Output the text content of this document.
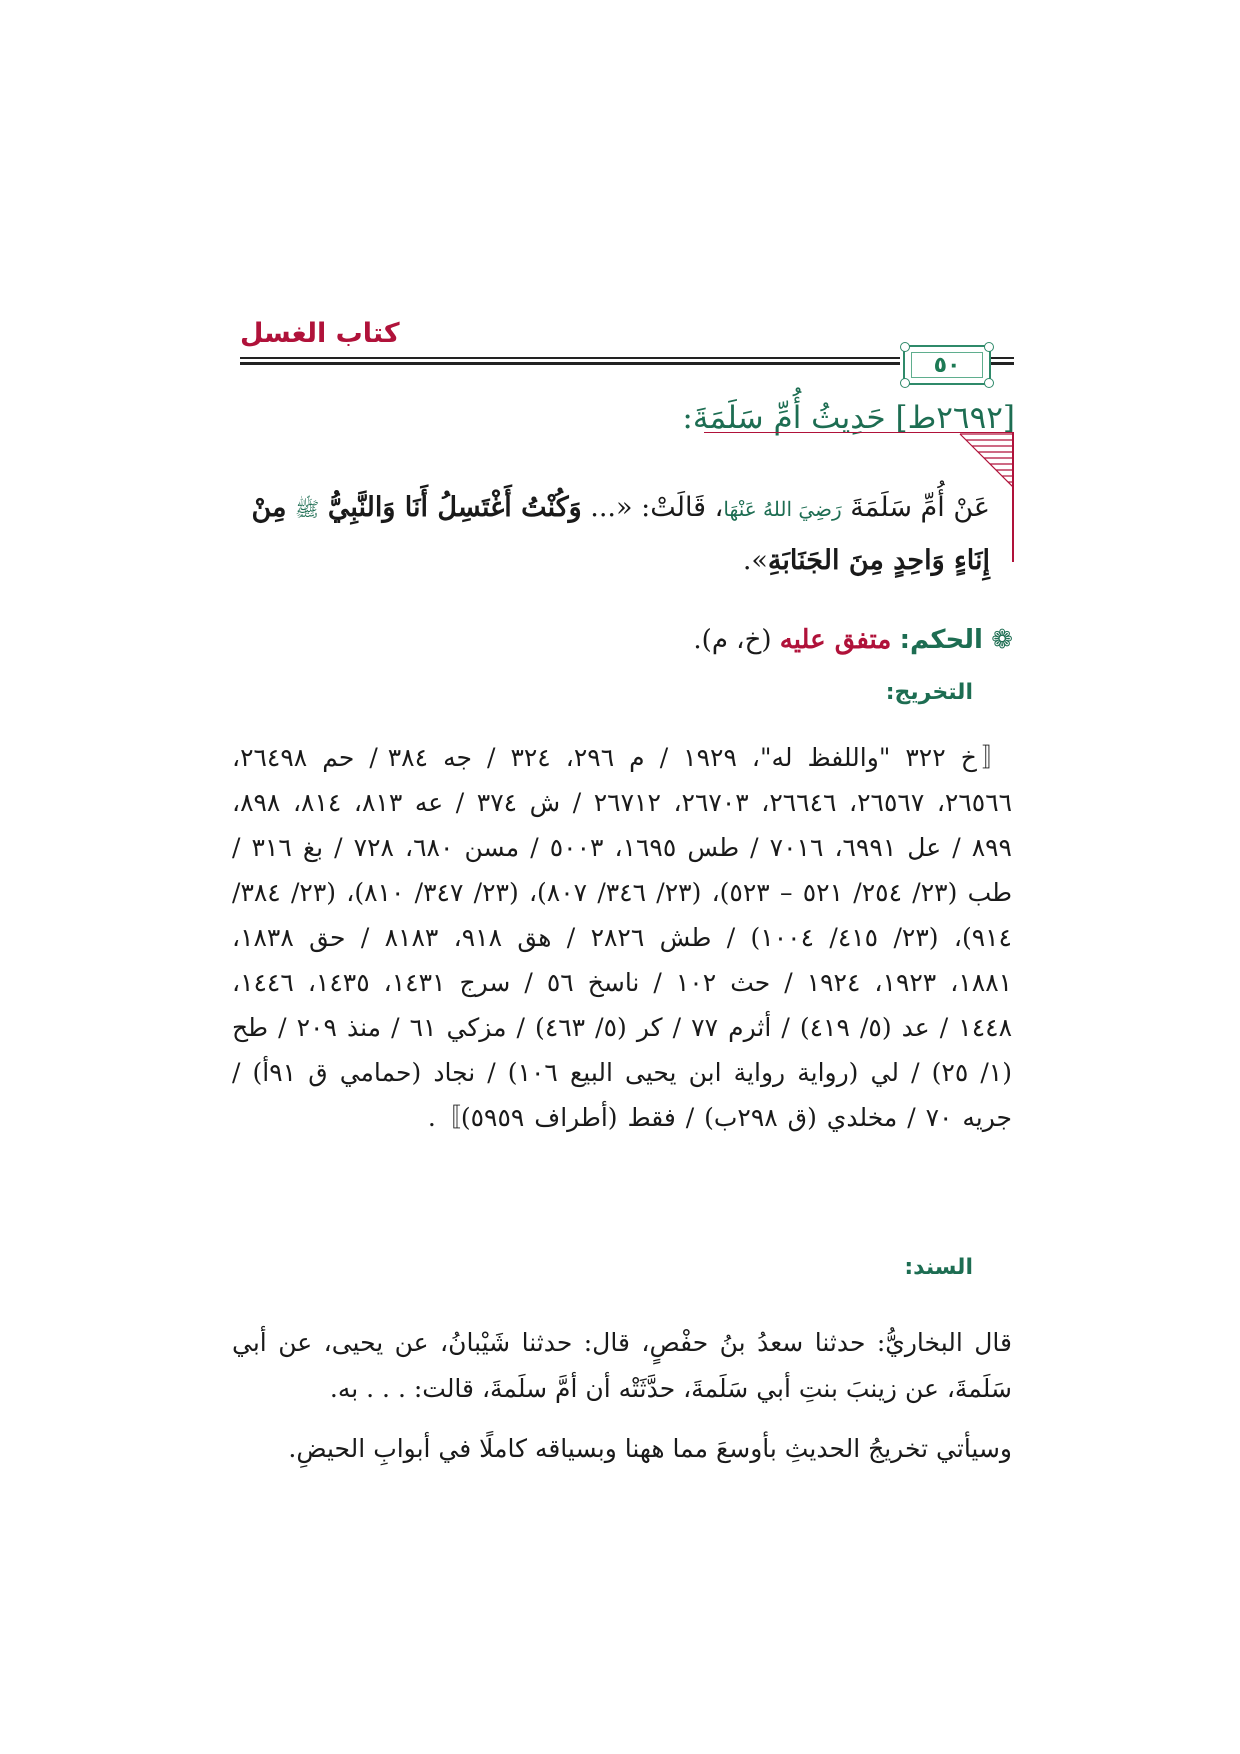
كتاب الغسل
٥٠
[٢٦٩٢ط] حَدِيثُ أُمِّ سَلَمَةَ:
عَنْ أُمِّ سَلَمَةَ رَضِيَ اللهُ عَنْهَا، قَالَتْ: «... وَكُنْتُ أَغْتَسِلُ أَنَا وَالنَّبِيُّ ﷺ مِنْ إِنَاءٍ وَاحِدٍ مِنَ الجَنَابَةِ».
❁ الحكم: متفق عليه (خ، م).
التخريج:
〚خ ٣٢٢ "واللفظ له"، ١٩٢٩ / م ٢٩٦، ٣٢٤ / جه ٣٨٤ / حم ٢٦٤٩٨، ٢٦٥٦٦، ٢٦٥٦٧، ٢٦٦٤٦، ٢٦٧٠٣، ٢٦٧١٢ / ش ٣٧٤ / عه ٨١٣، ٨١٤، ٨٩٨، ٨٩٩ / عل ٦٩٩١، ٧٠١٦ / طس ١٦٩٥، ٥٠٠٣ / مسن ٦٨٠، ٧٢٨ / بغ ٣١٦ / طب (٢٣/ ٢٥٤/ ٥٢١ – ٥٢٣)، (٢٣/ ٣٤٦/ ٨٠٧)، (٢٣/ ٣٤٧/ ٨١٠)، (٢٣/ ٣٨٤/ ٩١٤)، (٢٣/ ٤١٥/ ١٠٠٤) / طش ٢٨٢٦ / هق ٩١٨، ٨١٨٣ / حق ١٨٣٨، ١٨٨١، ١٩٢٣، ١٩٢٤ / حث ١٠٢ / ناسخ ٥٦ / سرج ١٤٣١، ١٤٣٥، ١٤٤٦، ١٤٤٨ / عد (٥/ ٤١٩) / أثرم ٧٧ / كر (٥/ ٤٦٣) / مزكي ٦١ / منذ ٢٠٩ / طح (١/ ٢٥) / لي (رواية رواية ابن يحيى البيع ١٠٦) / نجاد (حمامي ق ٩١أ) / جريه ٧٠ / مخلدي (ق ٢٩٨ب) / فقط (أطراف ٥٩٥٩)〛.
السند:
قال البخاريُّ: حدثنا سعدُ بنُ حفْصٍ، قال: حدثنا شَيْبانُ، عن يحيى، عن أبي سَلَمةَ، عن زينبَ بنتِ أبي سَلَمةَ، حدَّثَتْه أن أمَّ سلَمةَ، قالت: . . . به.
وسيأتي تخريجُ الحديثِ بأوسعَ مما ههنا وبسياقه كاملًا في أبوابِ الحيضِ.
